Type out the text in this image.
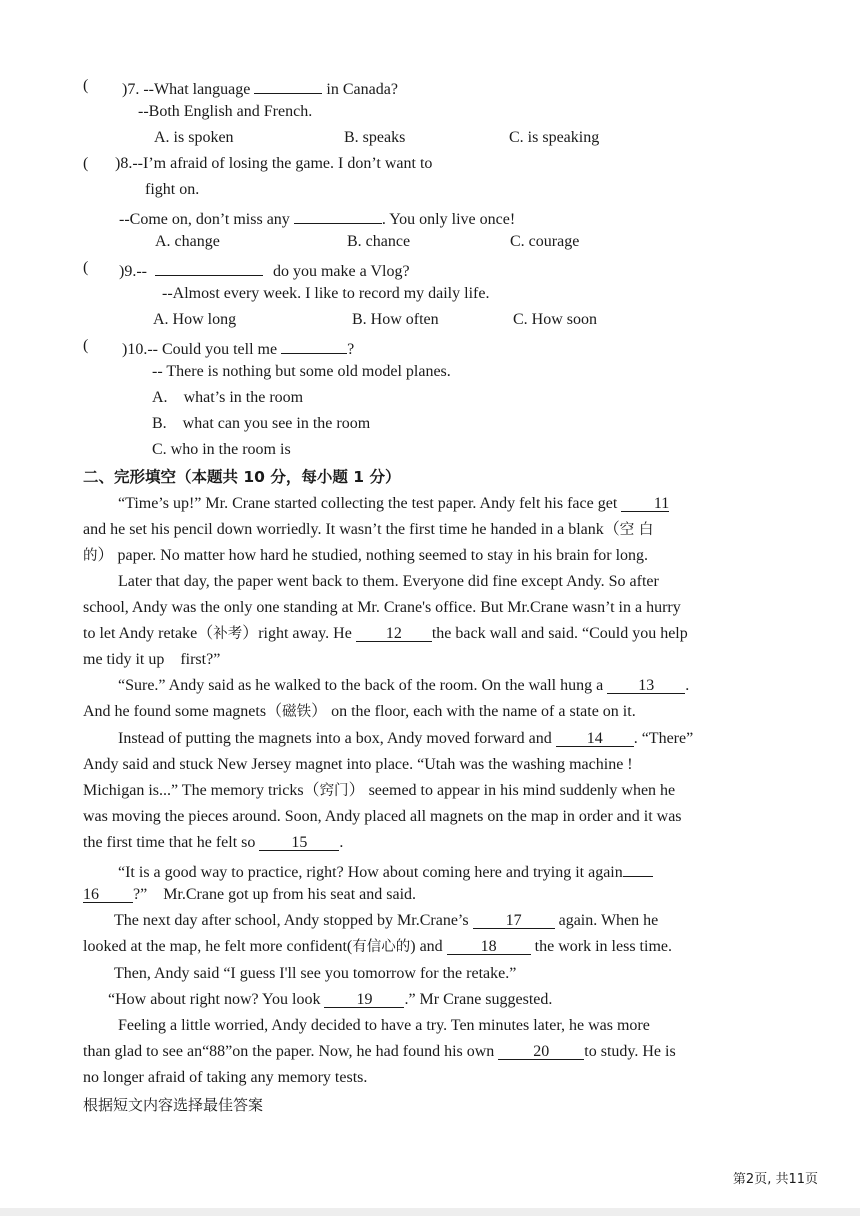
( )7. --What language	in Canada?
--Both English and French.
A. is spoken	B. speaks	C. is speaking
( )8.--I’m afraid of losing the game. I don’t want to
fight on.
--Come on, don’t miss any	. You only live once!
A. change	B. chance	C. courage
( )9.--	do you make a Vlog?
--Almost every week. I like to record my daily life.
A. How long	B. How often	C. How soon
( )10.-- Could you tell me	?
-- There is nothing but some old model planes.
A. what’s in the room
B. what can you see in the room
C. who in the room is
二、完形填空（本题共 10 分，每小题 1 分）
“Time’s up!” Mr. Crane started collecting the test paper. Andy felt his face get 11
and he set his pencil down worriedly. It wasn’t the first time he handed in a blank（空 白
的） paper. No matter how hard he studied, nothing seemed to stay in his brain for long.
Later that day, the paper went back to them. Everyone did fine except Andy. So after
school, Andy was the only one standing at Mr. Crane's office. But Mr.Crane wasn’t in a hurry
to let Andy retake（补考）right away. He 12 the back wall and said. “Could you help
me tidy it up    first?”
“Sure.” Andy said as he walked to the back of the room. On the wall hung a 13 .
And he found some magnets（磁铁） on the floor, each with the name of a state on it.
Instead of putting the magnets into a box, Andy moved forward and 14 . “There”
Andy said and stuck New Jersey magnet into place. “Utah was the washing machine !
Michigan is...” The memory tricks（窍门） seemed to appear in his mind suddenly when he
was moving the pieces around. Soon, Andy placed all magnets on the map in order and it was
the first time that he felt so 15 .
“It is a good way to practice, right? How about coming here and trying it again
16 ?”    Mr.Crane got up from his seat and said.
The next day after school, Andy stopped by Mr.Crane’s 17 again. When he
looked at the map, he felt more confident(有信心的) and 18 the work in less time.
Then, Andy said “I guess I'll see you tomorrow for the retake.”
“How about right now? You look 19 .” Mr Crane suggested.
Feeling a little worried, Andy decided to have a try. Ten minutes later, he was more
than glad to see an“88”on the paper. Now, he had found his own 20 to study. He is
no longer afraid of taking any memory tests.
根据短文内容选择最佳答案
第2页, 共11页
